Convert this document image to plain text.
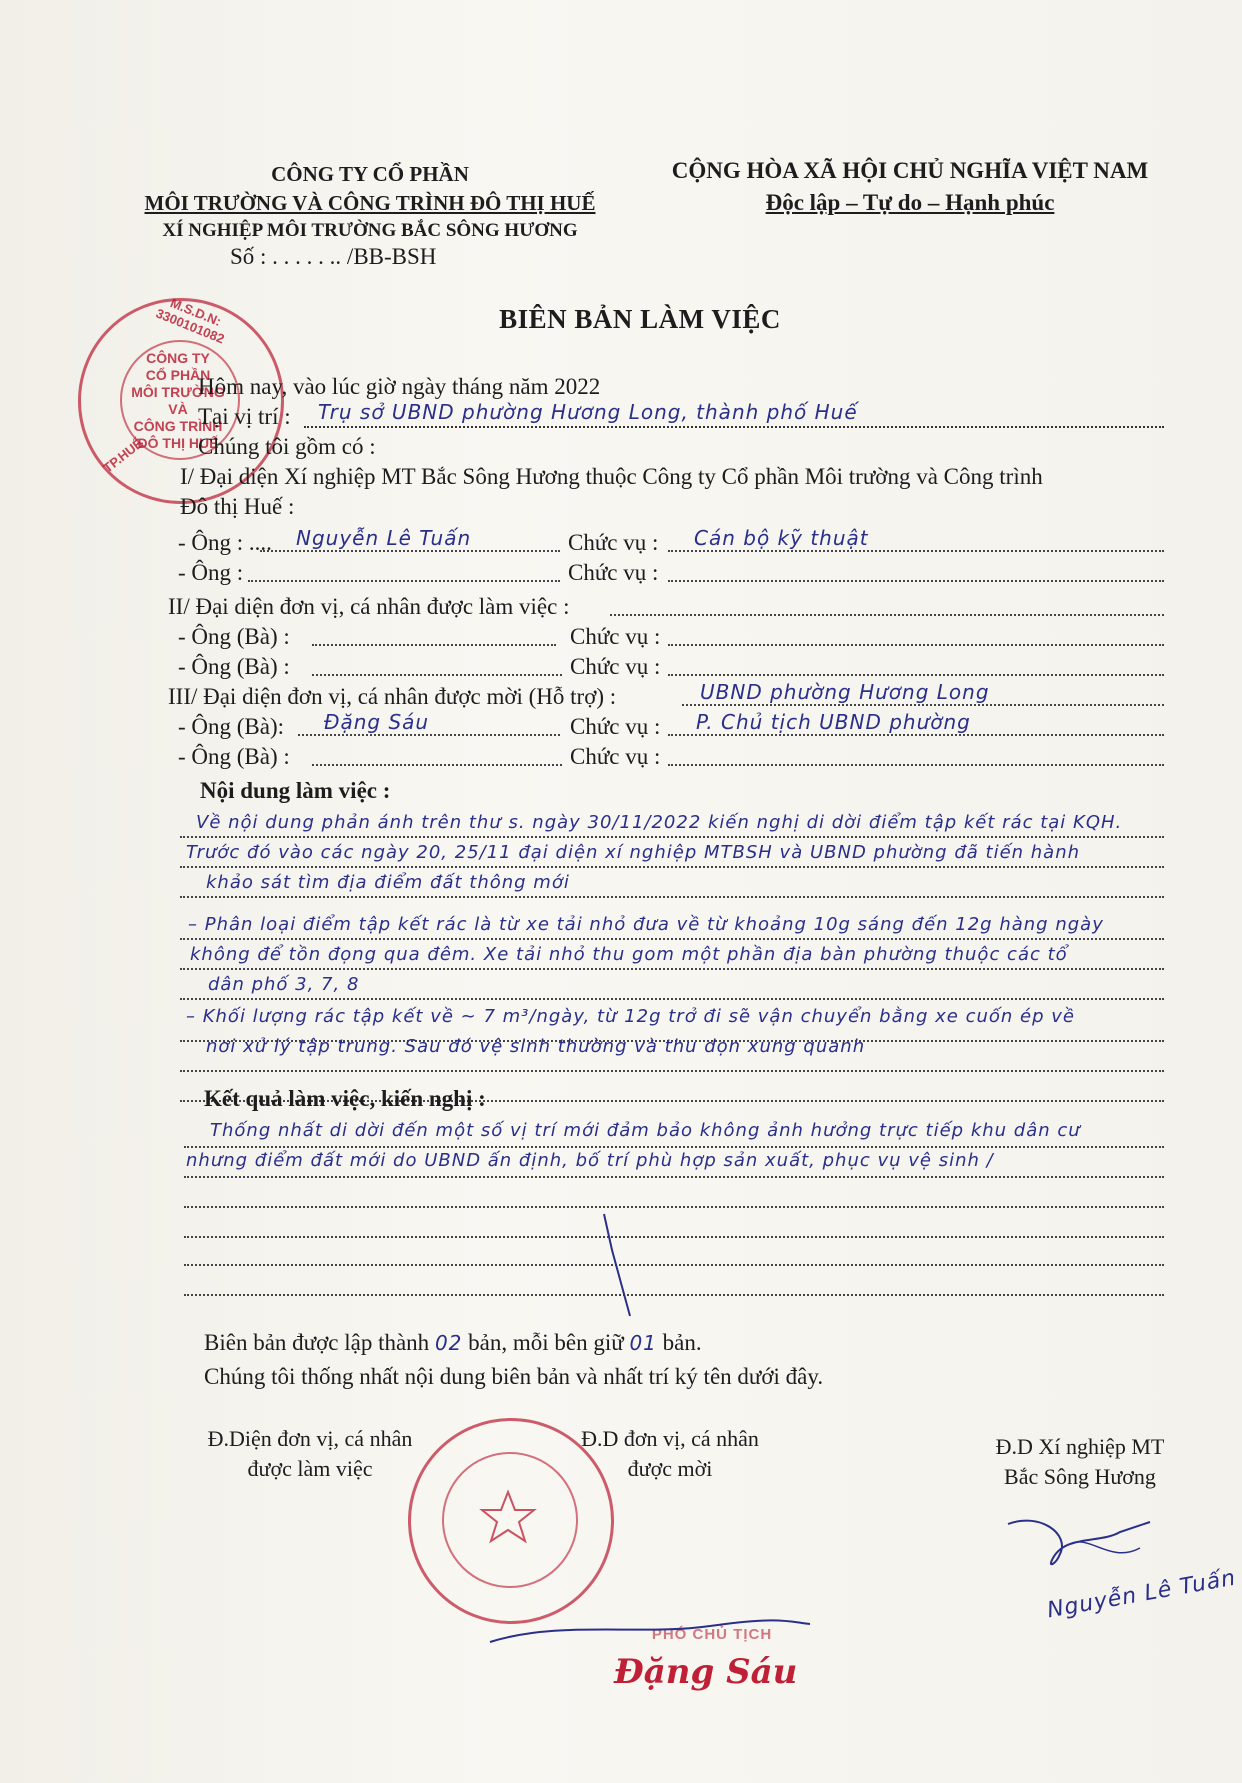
CÔNG TY CỔ PHẦN
MÔI TRƯỜNG VÀ CÔNG TRÌNH ĐÔ THỊ HUẾ
XÍ NGHIỆP MÔI TRƯỜNG BẮC SÔNG HƯƠNG
Số : . . . . . .. /BB-BSH
CỘNG HÒA XÃ HỘI CHỦ NGHĨA VIỆT NAM
Độc lập – Tự do – Hạnh phúc
BIÊN BẢN LÀM VIỆC
M.S.D.N: 3300101082
CÔNG TY
CỔ PHẦN
MÔI TRƯỜNG VÀ
CÔNG TRÌNH
ĐÔ THỊ HUẾ
TP.HUẾ
Hôm nay, vào lúc giờ ngày tháng năm 2022
Tại vị trí :	Trụ sở UBND phường Hương Long, thành phố Huế
Chúng tôi gồm có :
I/ Đại diện Xí nghiệp MT Bắc Sông Hương thuộc Công ty Cổ phần Môi trường và Công trình
Đô thị Huế :
- Ông : .... Nguyễn Lê Tuấn	Chức vụ : Cán bộ kỹ thuật
- Ông :	Chức vụ :
II/ Đại diện đơn vị, cá nhân được làm việc :
- Ông (Bà) :	Chức vụ :
- Ông (Bà) :	Chức vụ :
III/ Đại diện đơn vị, cá nhân được mời (Hỗ trợ) :	UBND phường Hương Long
- Ông (Bà): Đặng Sáu	Chức vụ : P. Chủ tịch UBND phường
- Ông (Bà) :	Chức vụ :
Nội dung làm việc :
Về nội dung phản ánh trên thư s. ngày 30/11/2022 kiến nghị di dời điểm tập kết rác tại KQH.
Trước đó vào các ngày 20, 25/11 đại diện xí nghiệp MTBSH và UBND phường đã tiến hành
khảo sát tìm địa điểm đất thông mới
– Phân loại điểm tập kết rác là từ xe tải nhỏ đưa về từ khoảng 10g sáng đến 12g hàng ngày
không để tồn đọng qua đêm. Xe tải nhỏ thu gom một phần địa bàn phường thuộc các tổ
dân phố 3, 7, 8
– Khối lượng rác tập kết về ~ 7 m³/ngày, từ 12g trở đi sẽ vận chuyển bằng xe cuốn ép về
nơi xử lý tập trung. Sau đó vệ sinh thường và thu dọn xung quanh
Kết quả làm việc, kiến nghị :
Thống nhất di dời đến một số vị trí mới đảm bảo không ảnh hưởng trực tiếp khu dân cư
nhưng điểm đất mới do UBND ấn định, bố trí phù hợp sản xuất, phục vụ vệ sinh /
Biên bản được lập thành 02 bản, mỗi bên giữ 01 bản.
Chúng tôi thống nhất nội dung biên bản và nhất trí ký tên dưới đây.
Đ.Diện đơn vị, cá nhân
được làm việc
Đ.D đơn vị, cá nhân
được mời
Đ.D Xí nghiệp MT
Bắc Sông Hương
PHÓ CHỦ TỊCH
Đặng Sáu
Nguyễn Lê Tuấn
